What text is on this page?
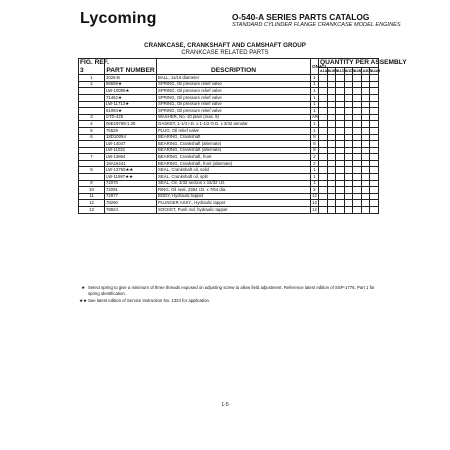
Lycoming	O-540-A SERIES PARTS CATALOG
STANDARD CYLINDER FLANGE CRANKCASE MODEL ENGINES
CRANKCASE, CRANKSHAFT AND CAMSHAFT GROUP
CRANKCASE RELATED PARTS
FIG. REF.
3	PART NUMBER	DESCRIPTION	ONALL	QUANTITY PER ASSEMBLY						
				A1A5	A1B5	A1C5	A1D5	A2B	A3D5	A4A5
1	1026-B	BALL, 11/16 diameter	1							
2	66658★	SPRING, Oil pressure relief valve	1							
	LW-10099★	SPRING, Oil pressure relief valve	1							
	71462★	SPRING, Oil pressure relief valve	1							
	LW-11713★	SPRING, Oil pressure relief valve	1							
	61094★	SPRING, Oil pressure relief valve	1							
3	STD-425	WASHER, No. 10 plain (max. 9)	AR							
4	06E19769-1.25	GASKET, 1-1/4 I.D. x 1-1/2 O.D. x 3/32 annular	1							
5	76529	PLUG, Oil relief valve	1							
6	18D10094	BEARING, Crankshaft	8							
	LW-14047	BEARING, Crankshaft (alternate)	8							
	LW-11021	BEARING, Crankshaft (alternate)	8							
7	LW-13864	BEARING, Crankshaft, front	2							
	18A16441	BEARING, Crankshaft, front (alternate)	2							
8	LW-13750★★	SEAL, Crankshaft oil, solid	1							
	LW-11997★★	SEAL, Crankshaft oil, split	1							
9	72070	SEAL, Oil, 3/32 section x 15/32 I.D.	1							
10	72091	RING, Oil seal, 2384 I.D. x 7/64 dia.	2							
11	72877	BODY, Hydraulic tappet	12							
12	78290	PLUNGER ASSY., Hydraulic tappet	12							
13	78924	SOCKET, Push rod, hydraulic tappet	12							
★ Select spring to give a minimum of three threads exposed on adjusting screw to allow field adjustment. Reference latest edition of SSP-1776, Part 1 for spring identification.
★★ See latest edition of Service Instruction No. 1324 for application.
1-5
